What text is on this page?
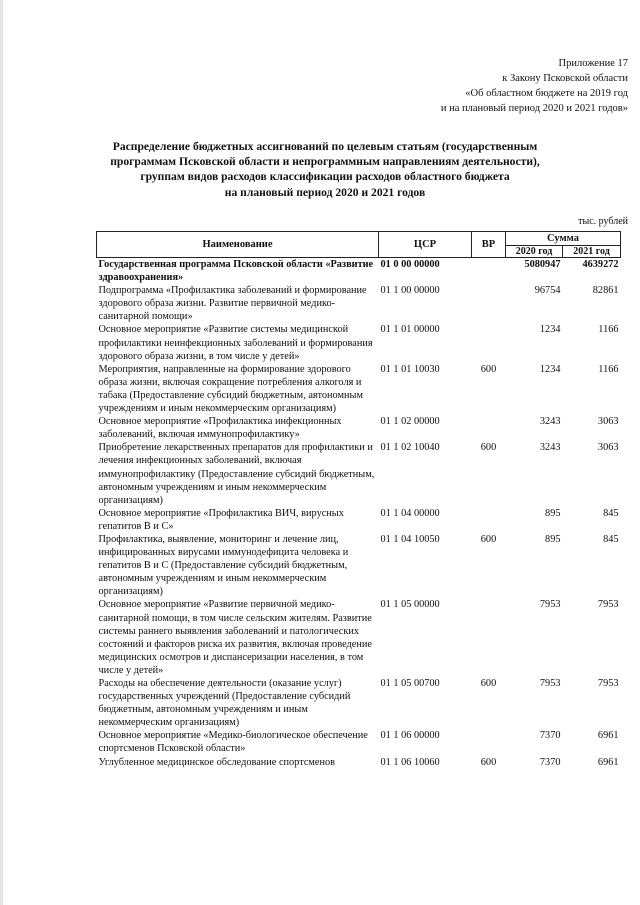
Приложение 17
к Закону Псковской области
«Об областном бюджете на 2019 год
и на плановый период 2020 и 2021 годов»
Распределение бюджетных ассигнований по целевым статьям (государственным
программам Псковской области и непрограммным направлениям деятельности),
группам видов расходов классификации расходов областного бюджета
на плановый период 2020 и 2021 годов
тыс. рублей
Наименование	ЦСР	ВР	Сумма	
			2020 год	2021 год
Государственная программа Псковской области «Развитие здравоохранения»	01 0 00 00000		5080947	4639272
Подпрограмма «Профилактика заболеваний и формирование здорового образа жизни. Развитие первичной медико-санитарной помощи»	01 1 00 00000		96754	82861
Основное мероприятие «Развитие системы медицинской профилактики неинфекционных заболеваний и формирования здорового образа жизни, в том числе у детей»	01 1 01 00000		1234	1166
Мероприятия, направленные на формирование здорового образа жизни, включая сокращение потребления алкоголя и табака (Предоставление субсидий бюджетным, автономным учреждениям и иным некоммерческим организациям)	01 1 01 10030	600	1234	1166
Основное мероприятие «Профилактика инфекционных заболеваний, включая иммунопрофилактику»	01 1 02 00000		3243	3063
Приобретение лекарственных препаратов для профилактики и лечения инфекционных заболеваний, включая иммунопрофилактику (Предоставление субсидий бюджетным, автономным учреждениям и иным некоммерческим организациям)	01 1 02 10040	600	3243	3063
Основное мероприятие «Профилактика ВИЧ, вирусных гепатитов В и С»	01 1 04 00000		895	845
Профилактика, выявление, мониторинг и лечение лиц, инфицированных вирусами иммунодефицита человека и гепатитов В и С (Предоставление субсидий бюджетным, автономным учреждениям и иным некоммерческим организациям)	01 1 04 10050	600	895	845
Основное мероприятие «Развитие первичной медико-санитарной помощи, в том числе сельским жителям. Развитие системы раннего выявления заболеваний и патологических состояний и факторов риска их развития, включая проведение медицинских осмотров и диспансеризации населения, в том числе у детей»	01 1 05 00000		7953	7953
Расходы на обеспечение деятельности (оказание услуг) государственных учреждений (Предоставление субсидий бюджетным, автономным учреждениям и иным некоммерческим организациям)	01 1 05 00700	600	7953	7953
Основное мероприятие «Медико-биологическое обеспечение спортсменов Псковской области»	01 1 06 00000		7370	6961
Углубленное медицинское обследование спортсменов	01 1 06 10060	600	7370	6961
